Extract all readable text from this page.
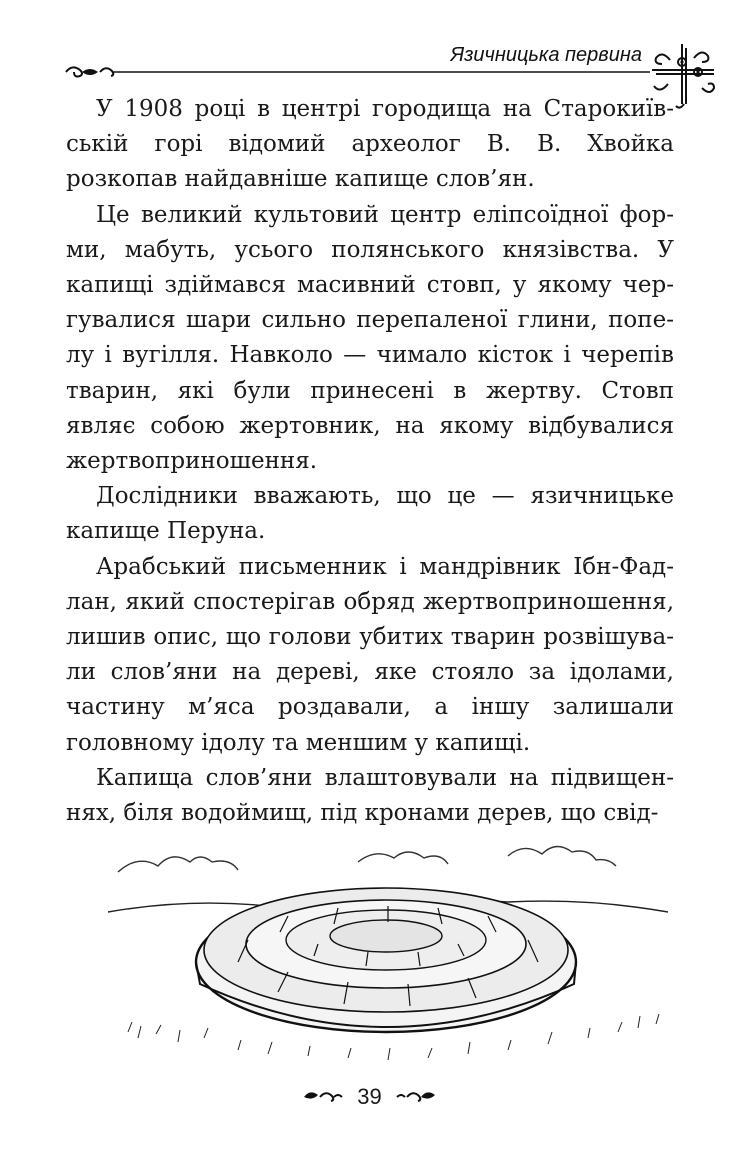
Язичницька первина

У 1908 році в центрі городища на Старокиївській горі відомий археолог В. В. Хвойка розкопав найдавніше капище слов’ян.

Це великий культовий центр еліпсоїдної форми, мабуть, усього полянського князівства. У капищі здіймався масивний стовп, у якому чергувалися шари сильно перепаленої глини, попелу і вугілля. Навколо — чимало кісток і черепів тварин, які були принесені в жертву. Стовп являє собою жертовник, на якому відбувалися жертвоприношення.

Дослідники вважають, що це — язичницьке капище Перуна.

Арабський письменник і мандрівник Ібн-Фадлан, який спостерігав обряд жертвоприношення, лишив опис, що голови убитих тварин розвішували слов’яни на дереві, яке стояло за ідолами, частину м’яса роздавали, а іншу залишали головному ідолу та меншим у капищі.

Капища слов’яни влаштовували на підвищеннях, біля водоймищ, під кронами дерев, що свід-

39
